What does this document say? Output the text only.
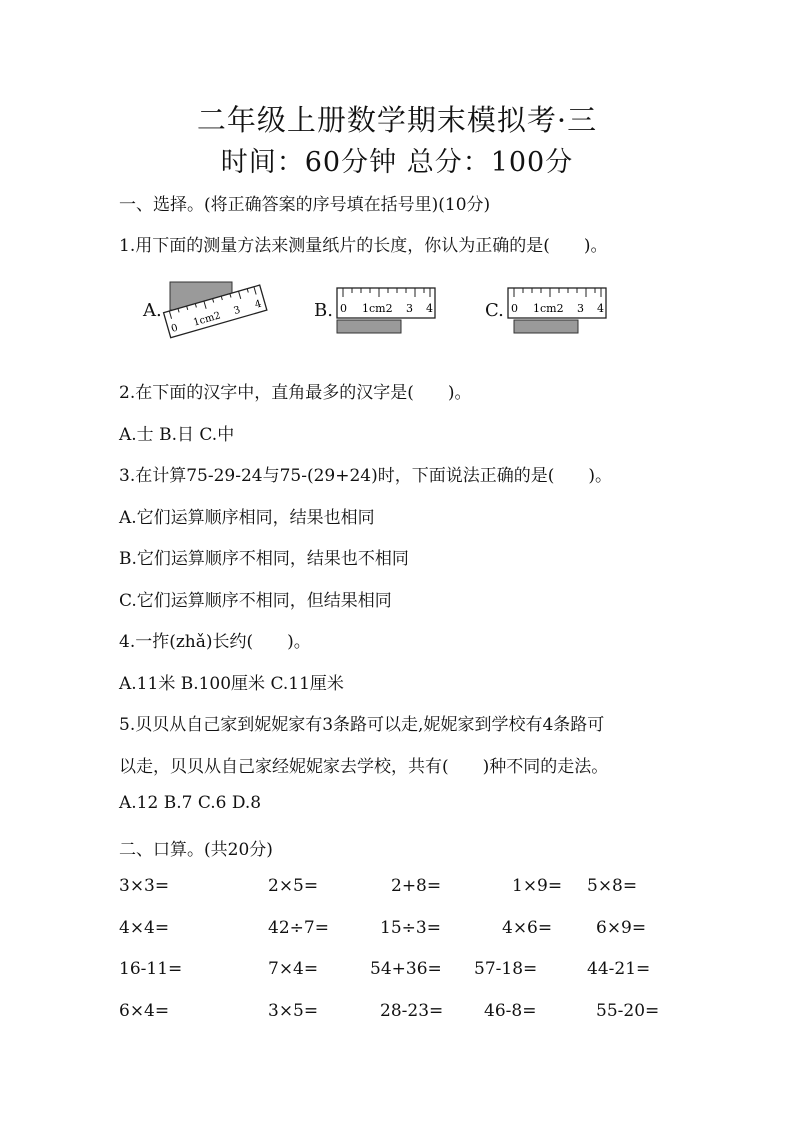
二年级上册数学期末模拟考·三
时间：60分钟 总分：100分
一、选择。(将正确答案的序号填在括号里)(10分)
1.用下面的测量方法来测量纸片的长度，你认为正确的是(　　)。
A.
0
1cm2 3 4	B. 0 1cm2 3 4	C. 0 1cm2 3 4
2.在下面的汉字中，直角最多的汉字是(　　)。
A.士 B.日 C.中
3.在计算75-29-24与75-(29+24)时，下面说法正确的是(　　)。
A.它们运算顺序相同，结果也相同
B.它们运算顺序不相同，结果也不相同
C.它们运算顺序不相同，但结果相同
4.一拃(zhǎ)长约(　　)。
A.11米 B.100厘米 C.11厘米
5.贝贝从自己家到妮妮家有3条路可以走,妮妮家到学校有4条路可
以走，贝贝从自己家经妮妮家去学校，共有(　　)种不同的走法。
A.12 B.7 C.6 D.8
二、口算。(共20分)
3×3=	2×5=	2+8=	1×9= 5×8=
4×4=	42÷7=	15÷3=	4×6=	6×9=
16-11=	7×4=	54+36= 57-18=	44-21=
6×4=	3×5=	28-23= 46-8=	55-20=
